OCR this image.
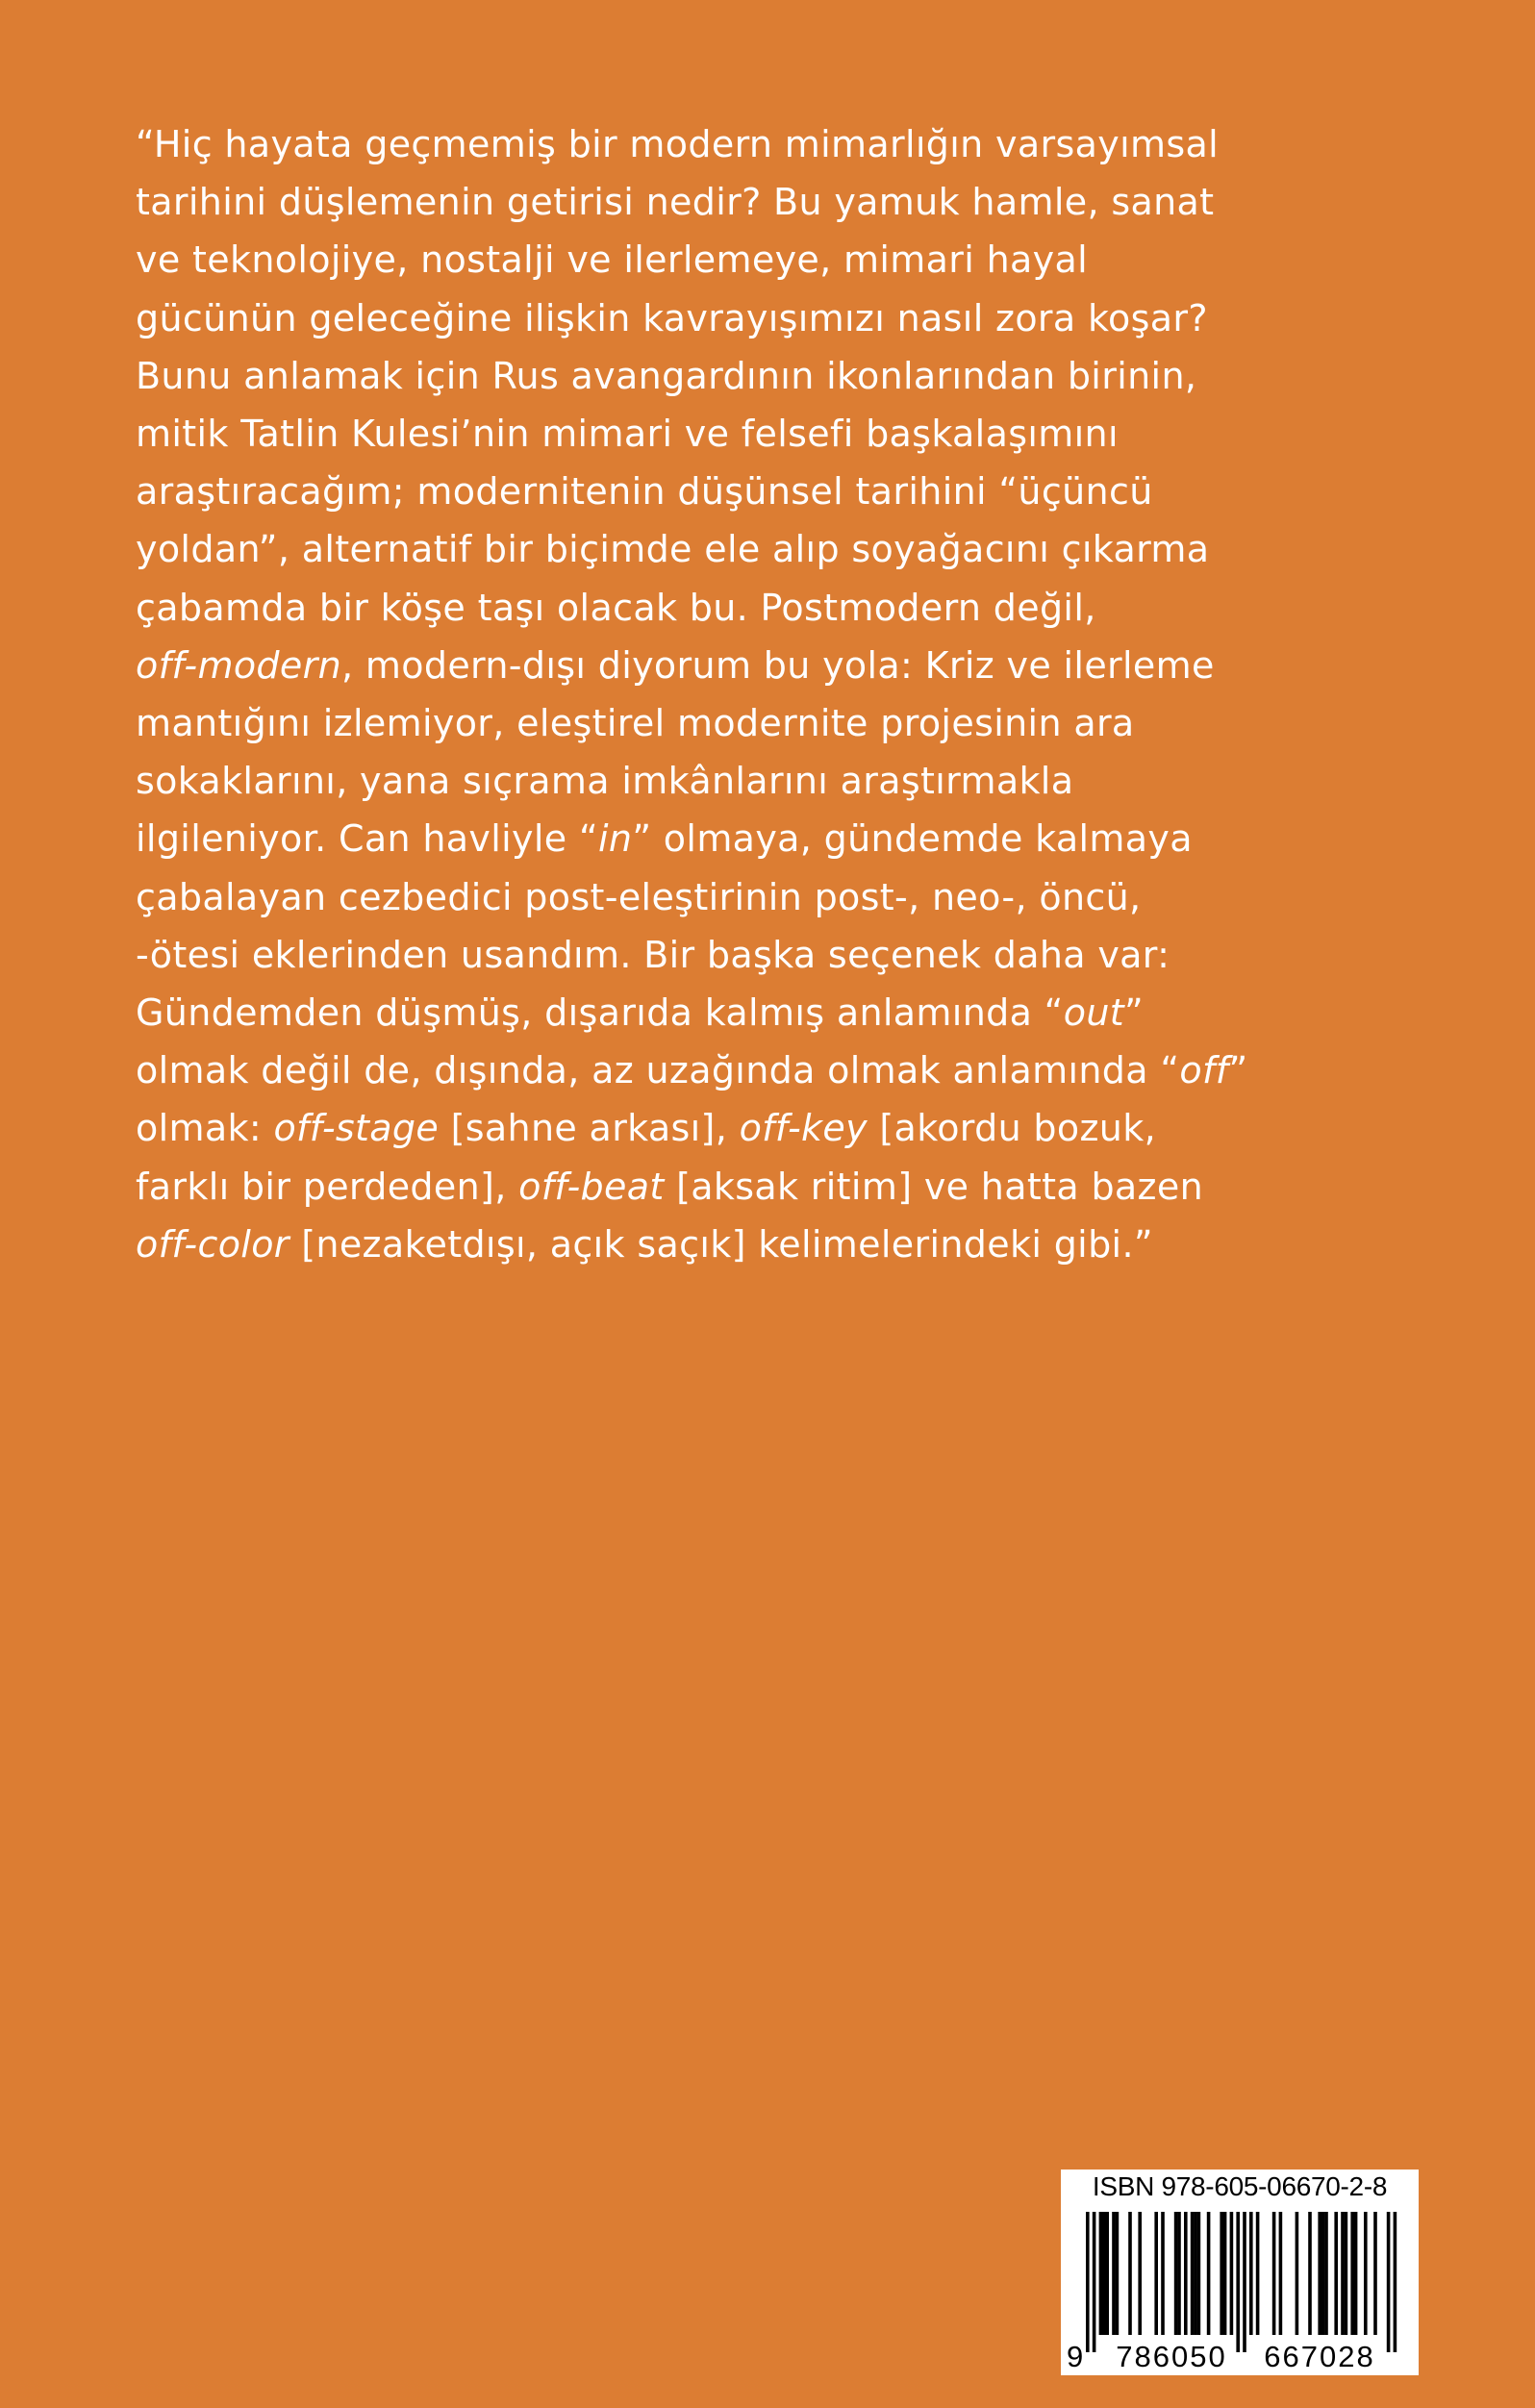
“Hiç hayata geçmemiş bir modern mimarlığın varsayımsal
tarihini düşlemenin getirisi nedir? Bu yamuk hamle, sanat
ve teknolojiye, nostalji ve ilerlemeye, mimari hayal
gücünün geleceğine ilişkin kavrayışımızı nasıl zora koşar?
Bunu anlamak için Rus avangardının ikonlarından birinin,
mitik Tatlin Kulesi’nin mimari ve felsefi başkalaşımını
araştıracağım; modernitenin düşünsel tarihini “üçüncü
yoldan”, alternatif bir biçimde ele alıp soyağacını çıkarma
çabamda bir köşe taşı olacak bu. Postmodern değil,
off-modern, modern-dışı diyorum bu yola: Kriz ve ilerleme
mantığını izlemiyor, eleştirel modernite projesinin ara
sokaklarını, yana sıçrama imkânlarını araştırmakla
ilgileniyor. Can havliyle “in” olmaya, gündemde kalmaya
çabalayan cezbedici post-eleştirinin post-, neo-, öncü,
-ötesi eklerinden usandım. Bir başka seçenek daha var:
Gündemden düşmüş, dışarıda kalmış anlamında “out”
olmak değil de, dışında, az uzağında olmak anlamında “off”
olmak: off-stage [sahne arkası], off-key [akordu bozuk,
farklı bir perdeden], off-beat [aksak ritim] ve hatta bazen
off-color [nezaketdışı, açık saçık] kelimelerindeki gibi.”

ISBN 978-605-06670-2-8
9 786050 667028
